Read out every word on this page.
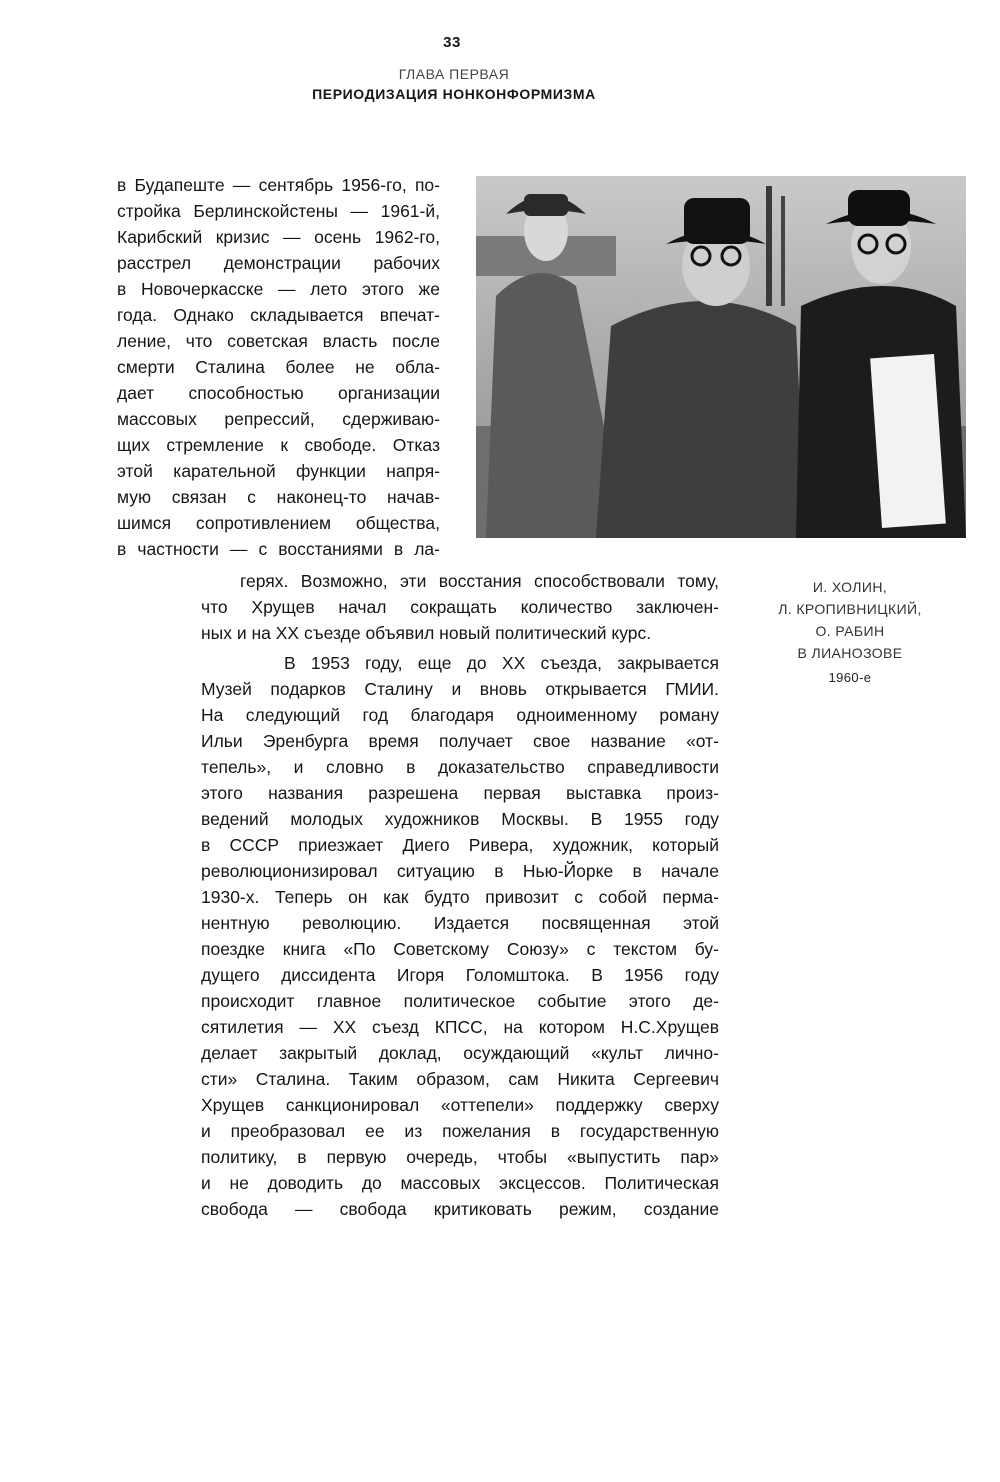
33
ГЛАВА ПЕРВАЯ
ПЕРИОДИЗАЦИЯ НОНКОНФОРМИЗМА

И. ХОЛИН,

Л. КРОПИВНИЦКИЙ,

О. РАБИН

В ЛИАНОЗОВЕ

1960-е

в Будапеште — сентябрь 1956-го, по-

стройка Берлинскойстены — 1961-й,

Карибский кризис — осень 1962-го,

расстрел демонстрации рабочих

в Новочеркасске — лето этого же

года. Однако складывается впечат-

ление, что советская власть после

смерти Сталина более не обла-

дает способностью организации

массовых репрессий, сдерживаю-

щих стремление к свободе. Отказ

этой карательной функции напря-

мую связан с наконец-то начав-

шимся сопротивлением общества,

в частности — с восстаниями в ла-

герях. Возможно, эти восстания способствовали тому,

что Хрущев начал сокращать количество заключен-

ных и на XX съезде объявил новый политический курс.

В 1953 году, еще до XX съезда, закрывается

Музей подарков Сталину и вновь открывается ГМИИ.

На следующий год благодаря одноименному роману

Ильи Эренбурга время получает свое название «от-

тепель», и словно в доказательство справедливости

этого названия разрешена первая выставка произ-

ведений молодых художников Москвы. В 1955 году

в СССР приезжает Диего Ривера, художник, который

революционизировал ситуацию в Нью-Йорке в начале

1930-х. Теперь он как будто привозит с собой перма-

нентную революцию. Издается посвященная этой

поездке книга «По Советскому Союзу» с текстом бу-

дущего диссидента Игоря Голомштока. В 1956 году

происходит главное политическое событие этого де-

сятилетия — XX съезд КПСС, на котором Н.С.Хрущев

делает закрытый доклад, осуждающий «культ лично-

сти» Сталина. Таким образом, сам Никита Сергеевич

Хрущев санкционировал «оттепели» поддержку сверху

и преобразовал ее из пожелания в государственную

политику, в первую очередь, чтобы «выпустить пар»

и не доводить до массовых эксцессов. Политическая

свобода — свобода критиковать режим, создание
